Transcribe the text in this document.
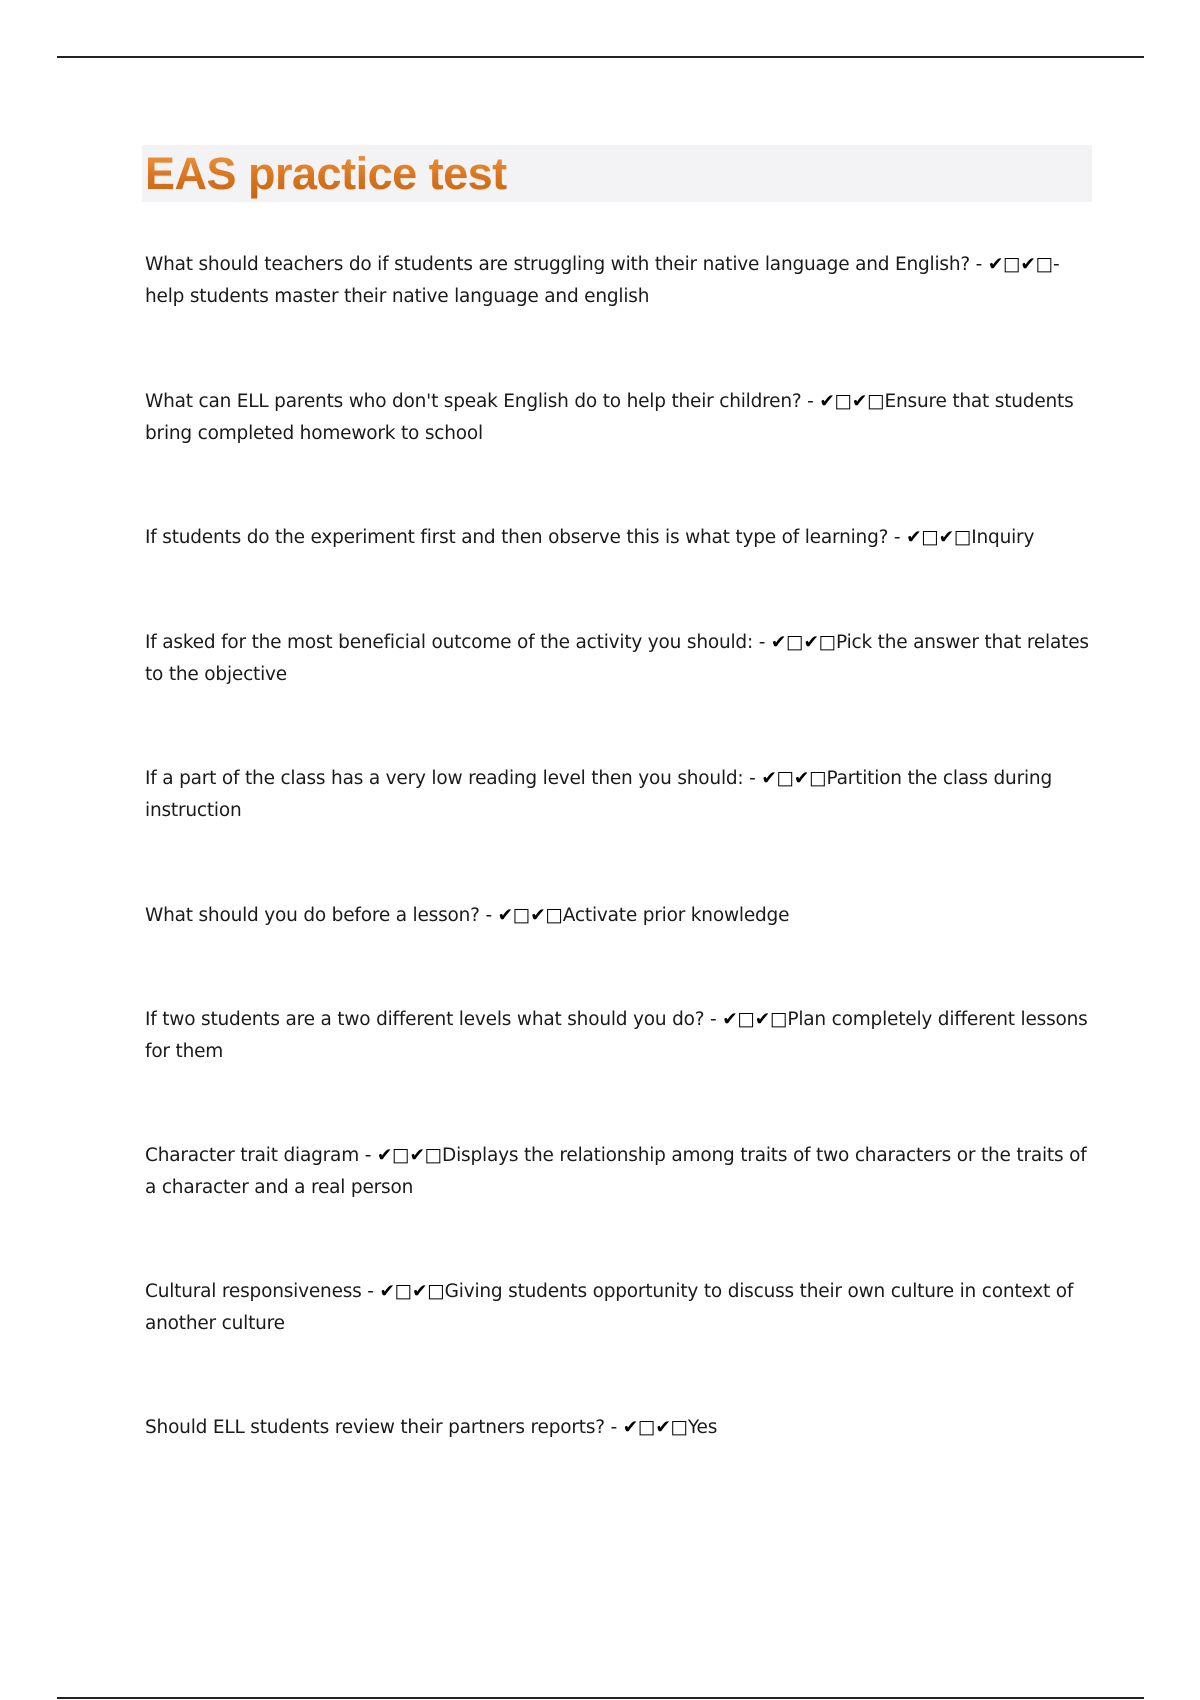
EAS practice test

What should teachers do if students are struggling with their native language and English? - ✔□✔□-help students master their native language and english

What can ELL parents who don't speak English do to help their children? - ✔□✔□Ensure that students bring completed homework to school

If students do the experiment first and then observe this is what type of learning? - ✔□✔□Inquiry

If asked for the most beneficial outcome of the activity you should: - ✔□✔□Pick the answer that relates to the objective

If a part of the class has a very low reading level then you should: - ✔□✔□Partition the class during instruction

What should you do before a lesson? - ✔□✔□Activate prior knowledge

If two students are a two different levels what should you do? - ✔□✔□Plan completely different lessons for them

Character trait diagram - ✔□✔□Displays the relationship among traits of two characters or the traits of a character and a real person

Cultural responsiveness - ✔□✔□Giving students opportunity to discuss their own culture in context of another culture

Should ELL students review their partners reports? - ✔□✔□Yes
